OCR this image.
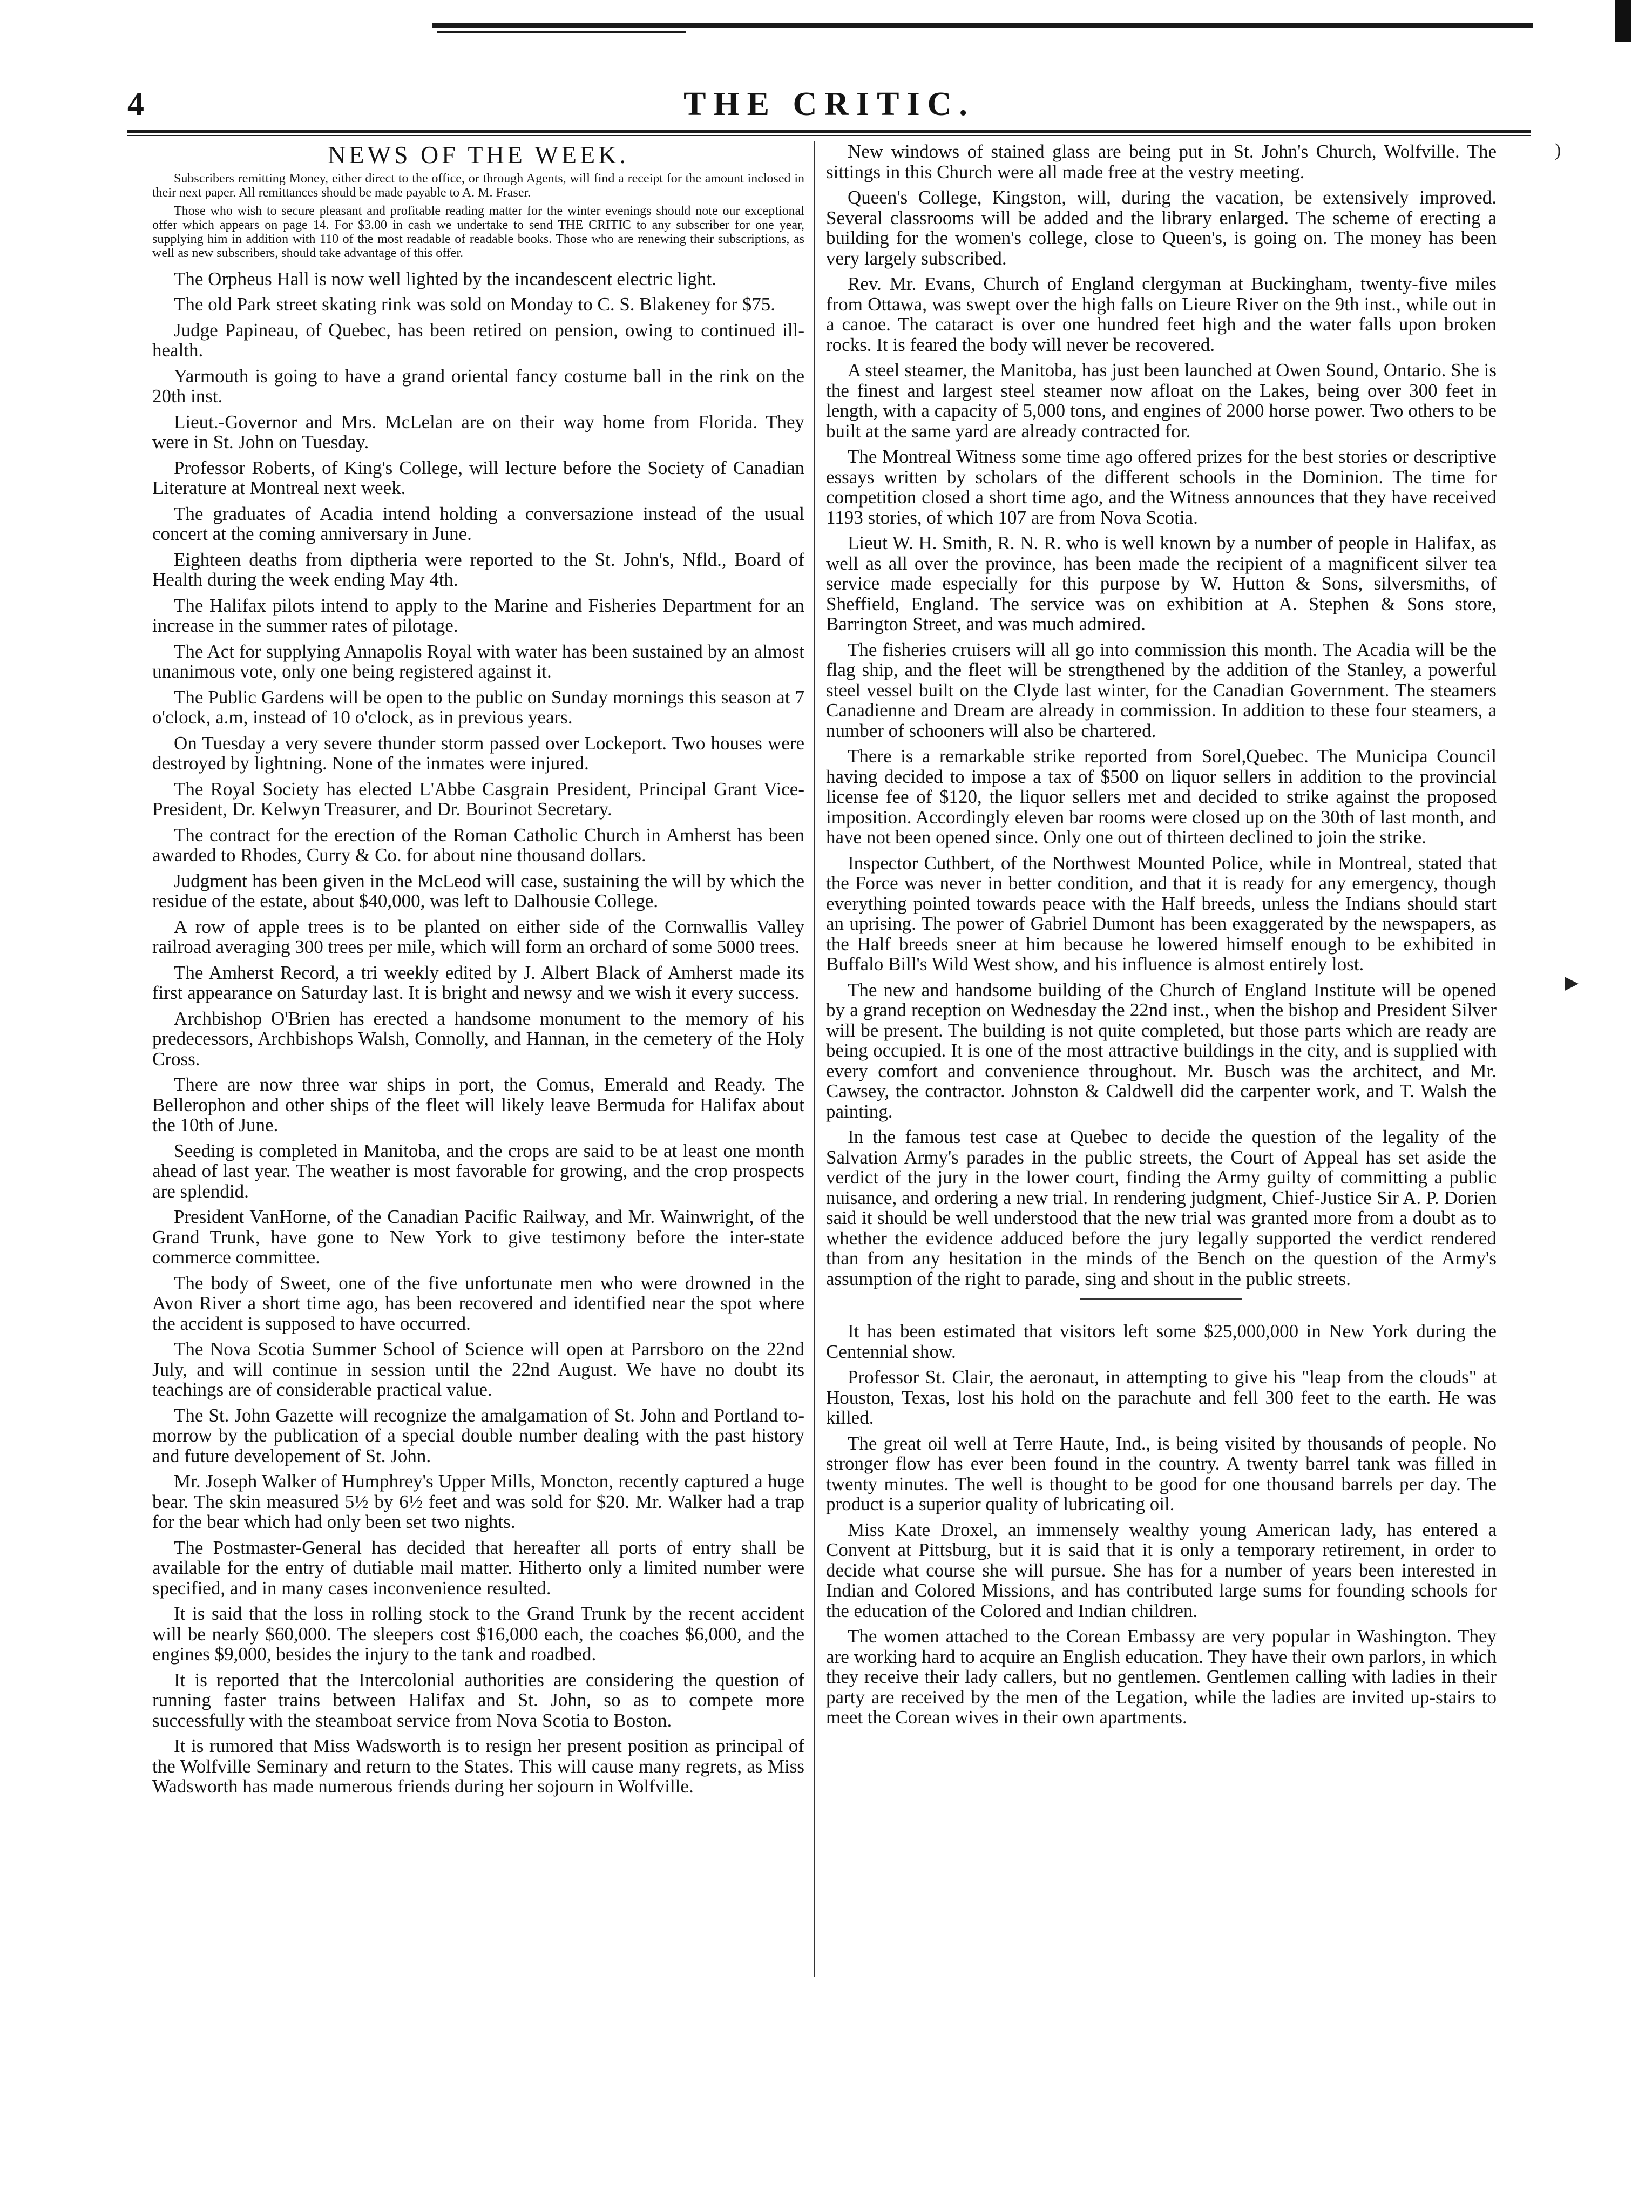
THE CRITIC.
4
NEWS OF THE WEEK.

Subscribers remitting Money, either direct to the office, or through Agents, will find a receipt for the amount inclosed in their next paper. All remittances should be made payable to A. M. Fraser.

Those who wish to secure pleasant and profitable reading matter for the winter evenings should note our exceptional offer which appears on page 14. For $3.00 in cash we undertake to send THE CRITIC to any subscriber for one year, supplying him in addition with 110 of the most readable of readable books. Those who are renewing their subscriptions, as well as new subscribers, should take advantage of this offer.

The Orpheus Hall is now well lighted by the incandescent electric light.

The old Park street skating rink was sold on Monday to C. S. Blakeney for $75.

Judge Papineau, of Quebec, has been retired on pension, owing to continued ill-health.

Yarmouth is going to have a grand oriental fancy costume ball in the rink on the 20th inst.

Lieut.-Governor and Mrs. McLelan are on their way home from Florida. They were in St. John on Tuesday.

Professor Roberts, of King's College, will lecture before the Society of Canadian Literature at Montreal next week.

The graduates of Acadia intend holding a conversazione instead of the usual concert at the coming anniversary in June.

Eighteen deaths from diptheria were reported to the St. John's, Nfld., Board of Health during the week ending May 4th.

The Halifax pilots intend to apply to the Marine and Fisheries Department for an increase in the summer rates of pilotage.

The Act for supplying Annapolis Royal with water has been sustained by an almost unanimous vote, only one being registered against it.

The Public Gardens will be open to the public on Sunday mornings this season at 7 o'clock, a.m, instead of 10 o'clock, as in previous years.

On Tuesday a very severe thunder storm passed over Lockeport. Two houses were destroyed by lightning. None of the inmates were injured.

The Royal Society has elected L'Abbe Casgrain President, Principal Grant Vice-President, Dr. Kelwyn Treasurer, and Dr. Bourinot Secretary.

The contract for the erection of the Roman Catholic Church in Amherst has been awarded to Rhodes, Curry & Co. for about nine thousand dollars.

Judgment has been given in the McLeod will case, sustaining the will by which the residue of the estate, about $40,000, was left to Dalhousie College.

A row of apple trees is to be planted on either side of the Cornwallis Valley railroad averaging 300 trees per mile, which will form an orchard of some 5000 trees.

The Amherst Record, a tri weekly edited by J. Albert Black of Amherst made its first appearance on Saturday last. It is bright and newsy and we wish it every success.

Archbishop O'Brien has erected a handsome monument to the memory of his predecessors, Archbishops Walsh, Connolly, and Hannan, in the cemetery of the Holy Cross.

There are now three war ships in port, the Comus, Emerald and Ready. The Bellerophon and other ships of the fleet will likely leave Bermuda for Halifax about the 10th of June.

Seeding is completed in Manitoba, and the crops are said to be at least one month ahead of last year. The weather is most favorable for growing, and the crop prospects are splendid.

President VanHorne, of the Canadian Pacific Railway, and Mr. Wainwright, of the Grand Trunk, have gone to New York to give testimony before the inter-state commerce committee.

The body of Sweet, one of the five unfortunate men who were drowned in the Avon River a short time ago, has been recovered and identified near the spot where the accident is supposed to have occurred.

The Nova Scotia Summer School of Science will open at Parrsboro on the 22nd July, and will continue in session until the 22nd August. We have no doubt its teachings are of considerable practical value.

The St. John Gazette will recognize the amalgamation of St. John and Portland to-morrow by the publication of a special double number dealing with the past history and future developement of St. John.

Mr. Joseph Walker of Humphrey's Upper Mills, Moncton, recently captured a huge bear. The skin measured 5½ by 6½ feet and was sold for $20. Mr. Walker had a trap for the bear which had only been set two nights.

The Postmaster-General has decided that hereafter all ports of entry shall be available for the entry of dutiable mail matter. Hitherto only a limited number were specified, and in many cases inconvenience resulted.

It is said that the loss in rolling stock to the Grand Trunk by the recent accident will be nearly $60,000. The sleepers cost $16,000 each, the coaches $6,000, and the engines $9,000, besides the injury to the tank and roadbed.

It is reported that the Intercolonial authorities are considering the question of running faster trains between Halifax and St. John, so as to compete more successfully with the steamboat service from Nova Scotia to Boston.

It is rumored that Miss Wadsworth is to resign her present position as principal of the Wolfville Seminary and return to the States. This will cause many regrets, as Miss Wadsworth has made numerous friends during her sojourn in Wolfville.

New windows of stained glass are being put in St. John's Church, Wolfville. The sittings in this Church were all made free at the vestry meeting.

Queen's College, Kingston, will, during the vacation, be extensively improved. Several classrooms will be added and the library enlarged. The scheme of erecting a building for the women's college, close to Queen's, is going on. The money has been very largely subscribed.

Rev. Mr. Evans, Church of England clergyman at Buckingham, twenty-five miles from Ottawa, was swept over the high falls on Lieure River on the 9th inst., while out in a canoe. The cataract is over one hundred feet high and the water falls upon broken rocks. It is feared the body will never be recovered.

A steel steamer, the Manitoba, has just been launched at Owen Sound, Ontario. She is the finest and largest steel steamer now afloat on the Lakes, being over 300 feet in length, with a capacity of 5,000 tons, and engines of 2000 horse power. Two others to be built at the same yard are already contracted for.

The Montreal Witness some time ago offered prizes for the best stories or descriptive essays written by scholars of the different schools in the Dominion. The time for competition closed a short time ago, and the Witness announces that they have received 1193 stories, of which 107 are from Nova Scotia.

Lieut W. H. Smith, R. N. R. who is well known by a number of people in Halifax, as well as all over the province, has been made the recipient of a magnificent silver tea service made especially for this purpose by W. Hutton & Sons, silversmiths, of Sheffield, England. The service was on exhibition at A. Stephen & Sons store, Barrington Street, and was much admired.

The fisheries cruisers will all go into commission this month. The Acadia will be the flag ship, and the fleet will be strengthened by the addition of the Stanley, a powerful steel vessel built on the Clyde last winter, for the Canadian Government. The steamers Canadienne and Dream are already in commission. In addition to these four steamers, a number of schooners will also be chartered.

There is a remarkable strike reported from Sorel,Quebec. The Municipa Council having decided to impose a tax of $500 on liquor sellers in addition to the provincial license fee of $120, the liquor sellers met and decided to strike against the proposed imposition. Accordingly eleven bar rooms were closed up on the 30th of last month, and have not been opened since. Only one out of thirteen declined to join the strike.

Inspector Cuthbert, of the Northwest Mounted Police, while in Montreal, stated that the Force was never in better condition, and that it is ready for any emergency, though everything pointed towards peace with the Half breeds, unless the Indians should start an uprising. The power of Gabriel Dumont has been exaggerated by the newspapers, as the Half breeds sneer at him because he lowered himself enough to be exhibited in Buffalo Bill's Wild West show, and his influence is almost entirely lost.

The new and handsome building of the Church of England Institute will be opened by a grand reception on Wednesday the 22nd inst., when the bishop and President Silver will be present. The building is not quite completed, but those parts which are ready are being occupied. It is one of the most attractive buildings in the city, and is supplied with every comfort and convenience throughout. Mr. Busch was the architect, and Mr. Cawsey, the contractor. Johnston & Caldwell did the carpenter work, and T. Walsh the painting.

In the famous test case at Quebec to decide the question of the legality of the Salvation Army's parades in the public streets, the Court of Appeal has set aside the verdict of the jury in the lower court, finding the Army guilty of committing a public nuisance, and ordering a new trial. In rendering judgment, Chief-Justice Sir A. P. Dorien said it should be well understood that the new trial was granted more from a doubt as to whether the evidence adduced before the jury legally supported the verdict rendered than from any hesitation in the minds of the Bench on the question of the Army's assumption of the right to parade, sing and shout in the public streets.

It has been estimated that visitors left some $25,000,000 in New York during the Centennial show.

Professor St. Clair, the aeronaut, in attempting to give his "leap from the clouds" at Houston, Texas, lost his hold on the parachute and fell 300 feet to the earth. He was killed.

The great oil well at Terre Haute, Ind., is being visited by thousands of people. No stronger flow has ever been found in the country. A twenty barrel tank was filled in twenty minutes. The well is thought to be good for one thousand barrels per day. The product is a superior quality of lubricating oil.

Miss Kate Droxel, an immensely wealthy young American lady, has entered a Convent at Pittsburg, but it is said that it is only a temporary retirement, in order to decide what course she will pursue. She has for a number of years been interested in Indian and Colored Missions, and has contributed large sums for founding schools for the education of the Colored and Indian children.

The women attached to the Corean Embassy are very popular in Washington. They are working hard to acquire an English education. They have their own parlors, in which they receive their lady callers, but no gentlemen. Gentlemen calling with ladies in their party are received by the men of the Legation, while the ladies are invited up-stairs to meet the Corean wives in their own apartments.

)
▶
